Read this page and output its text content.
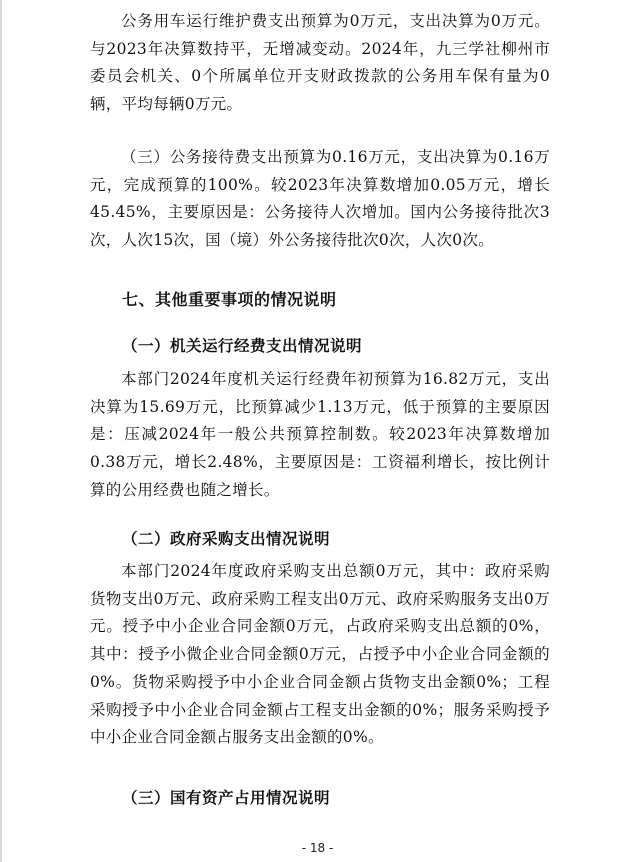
公务用车运行维护费支出预算为0万元，支出决算为0万元。与2023年决算数持平，无增减变动。2024年，九三学社柳州市委员会机关、0个所属单位开支财政拨款的公务用车保有量为0辆，平均每辆0万元。

（三）公务接待费支出预算为0.16万元，支出决算为0.16万元，完成预算的100%。较2023年决算数增加0.05万元，增长45.45%，主要原因是：公务接待人次增加。国内公务接待批次3次，人次15次，国（境）外公务接待批次0次，人次0次。

七、其他重要事项的情况说明
（一）机关运行经费支出情况说明

本部门2024年度机关运行经费年初预算为16.82万元，支出决算为15.69万元，比预算减少1.13万元，低于预算的主要原因是：压减2024年一般公共预算控制数。较2023年决算数增加0.38万元，增长2.48%，主要原因是：工资福利增长，按比例计算的公用经费也随之增长。

（二）政府采购支出情况说明

本部门2024年度政府采购支出总额0万元，其中：政府采购货物支出0万元、政府采购工程支出0万元、政府采购服务支出0万元。授予中小企业合同金额0万元，占政府采购支出总额的0%，其中：授予小微企业合同金额0万元，占授予中小企业合同金额的0%。货物采购授予中小企业合同金额占货物支出金额0%；工程采购授予中小企业合同金额占工程支出金额的0%；服务采购授予中小企业合同金额占服务支出金额的0%。

（三）国有资产占用情况说明
- 18 -
